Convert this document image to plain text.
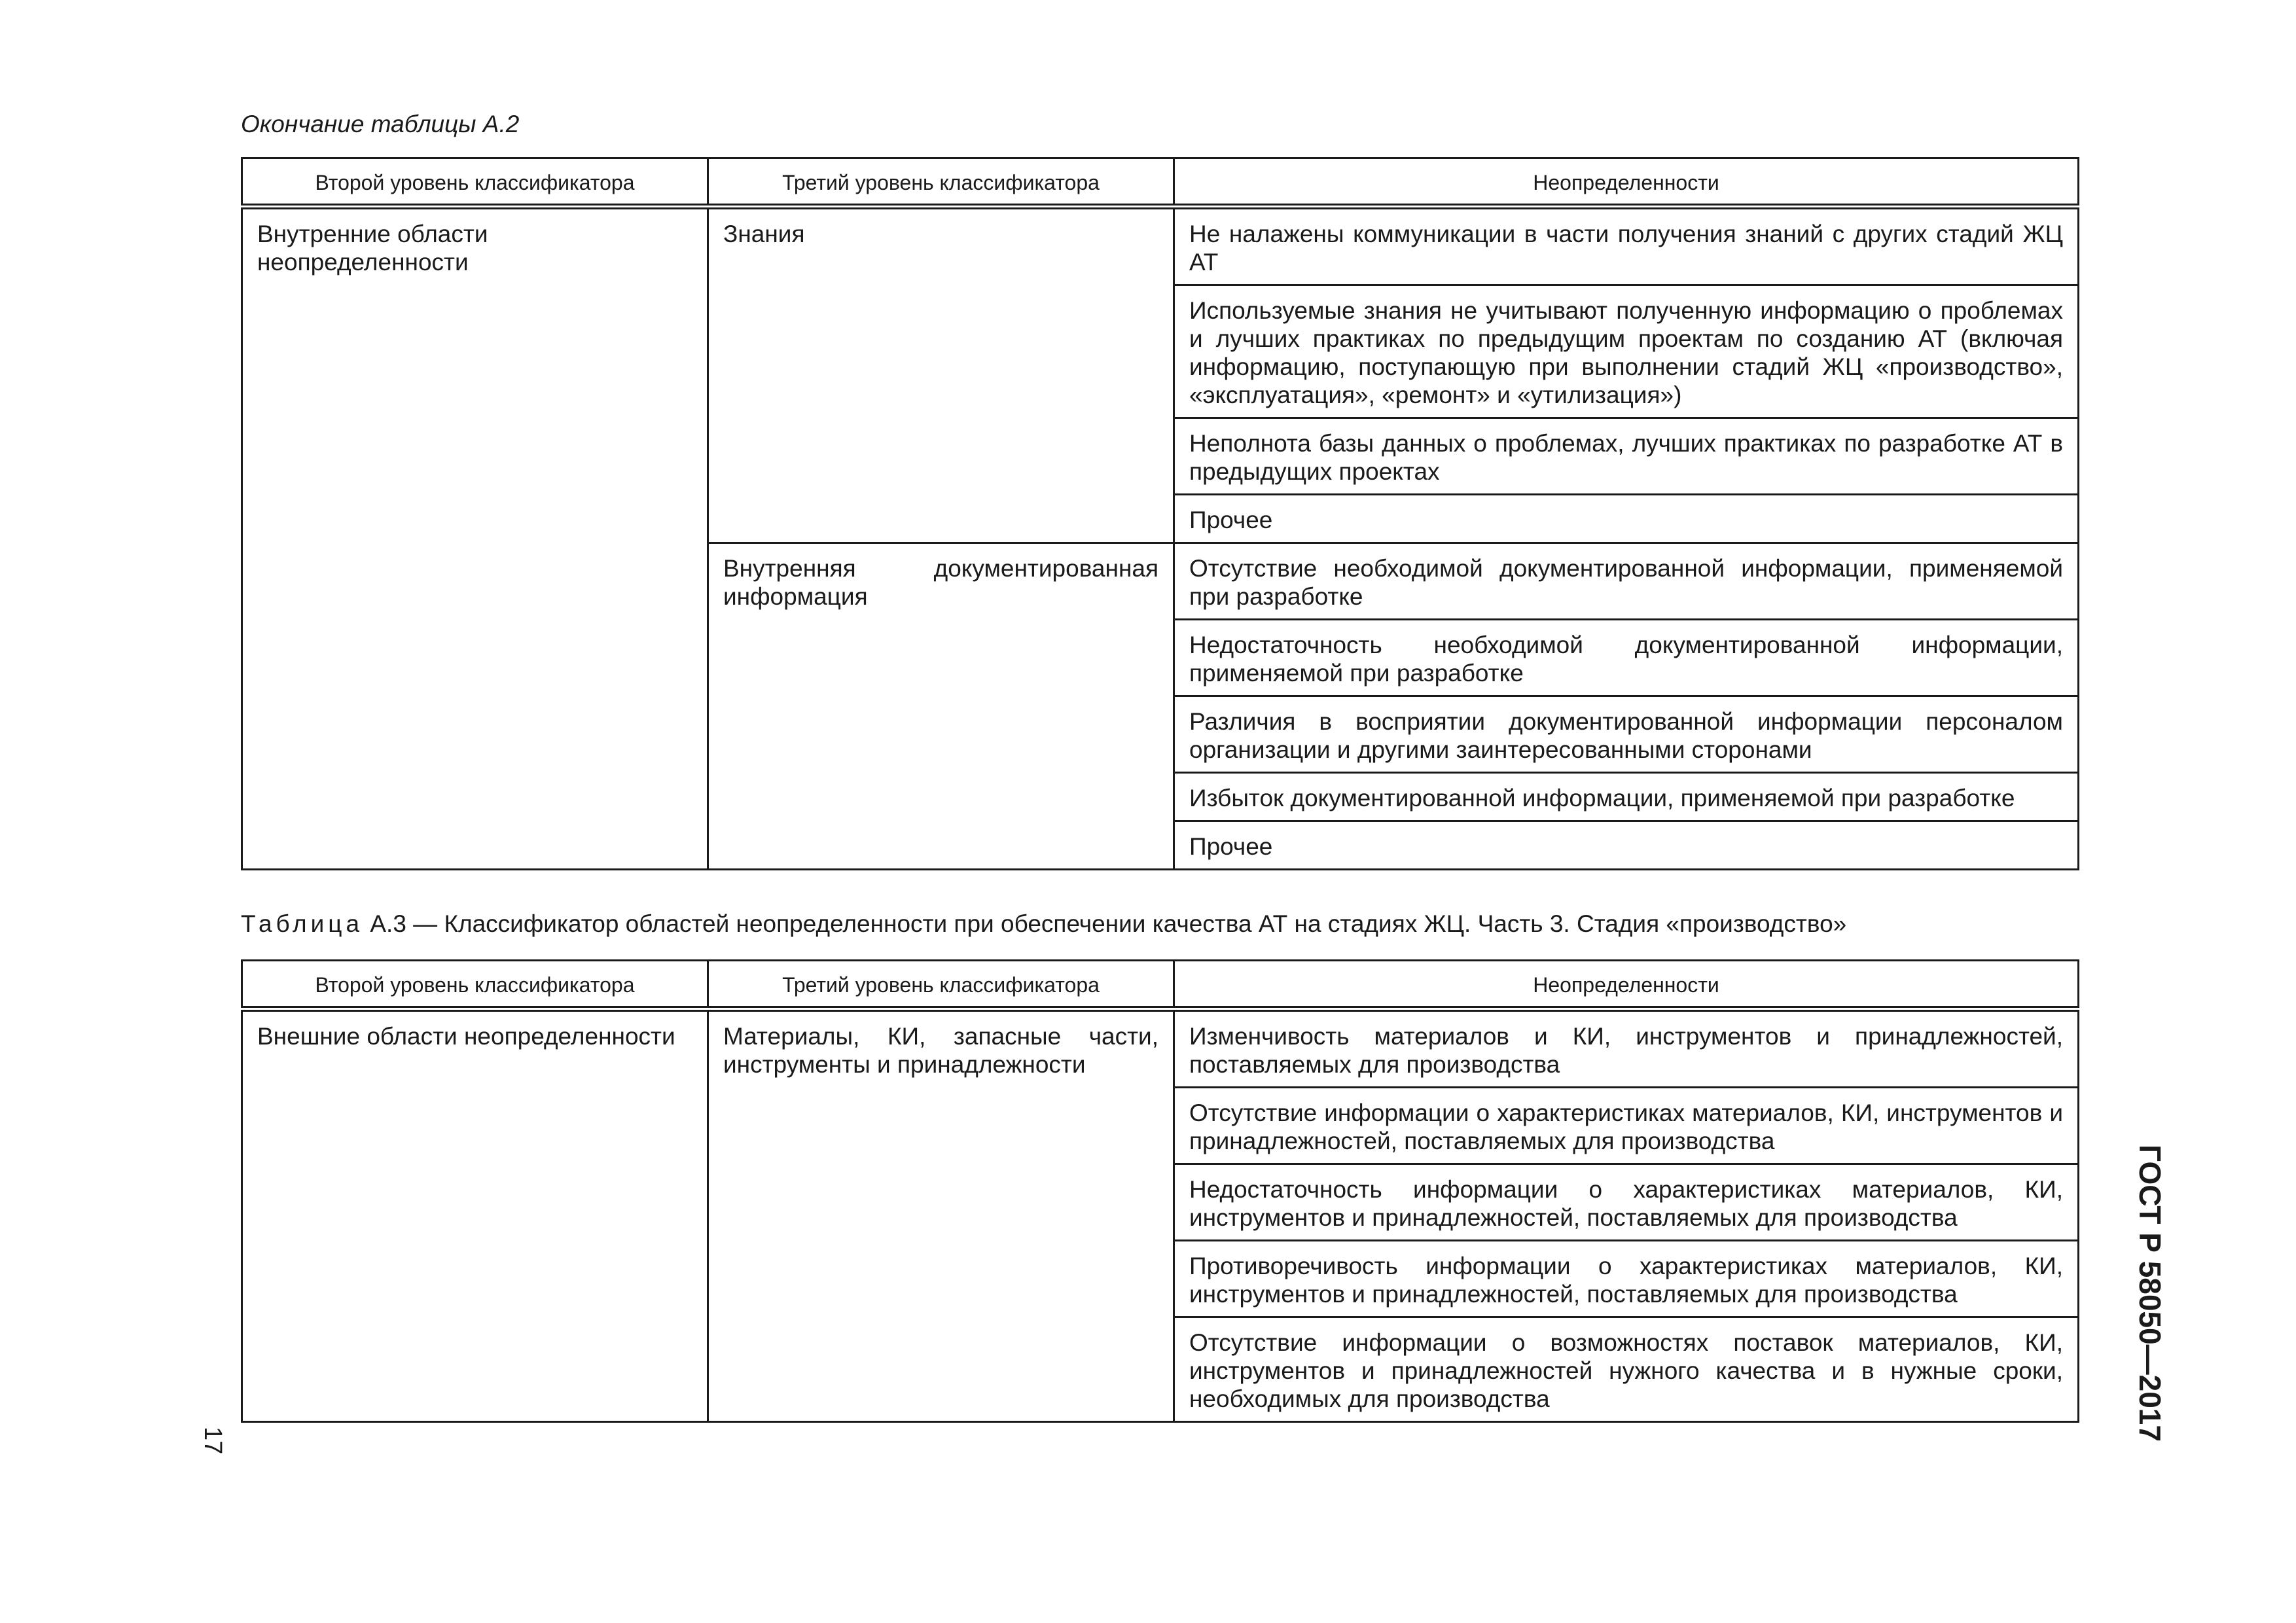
Окончание таблицы А.2
Второй уровень классификатора	Третий уровень классификатора	Неопределенности
Внутренние области неопределенности	Знания	Не налажены коммуникации в части получения знаний с других стадий ЖЦ АТ
		Используемые знания не учитывают полученную информацию о проблемах и лучших практиках по предыдущим проектам по созданию АТ (включая информацию, поступающую при выполнении стадий ЖЦ «производство», «эксплуатация», «ремонт» и «утилизация»)
		Неполнота базы данных о проблемах, лучших практиках по разработке АТ в предыдущих проектах
		Прочее
	Внутренняя документированная информация	Отсутствие необходимой документированной информации, применяемой при разработке
		Недостаточность необходимой документированной информации, применяемой при разработке
		Различия в восприятии документированной информации персоналом организации и другими заинтересованными сторонами
		Избыток документированной информации, применяемой при разработке
		Прочее
Таблица А.3 — Классификатор областей неопределенности при обеспечении качества АТ на стадиях ЖЦ. Часть 3. Стадия «производство»
Второй уровень классификатора	Третий уровень классификатора	Неопределенности
Внешние области неопределенности	Материалы, КИ, запасные части, инструменты и принадлежности	Изменчивость материалов и КИ, инструментов и принадлежностей, поставляемых для производства
		Отсутствие информации о характеристиках материалов, КИ, инструментов и принадлежностей, поставляемых для производства
		Недостаточность информации о характеристиках материалов, КИ, инструментов и принадлежностей, поставляемых для производства
		Противоречивость информации о характеристиках материалов, КИ, инструментов и принадлежностей, поставляемых для производства
		Отсутствие информации о возможностях поставок материалов, КИ, инструментов и принадлежностей нужного качества и в нужные сроки, необходимых для производства
17	ГОСТ Р 58050—2017
